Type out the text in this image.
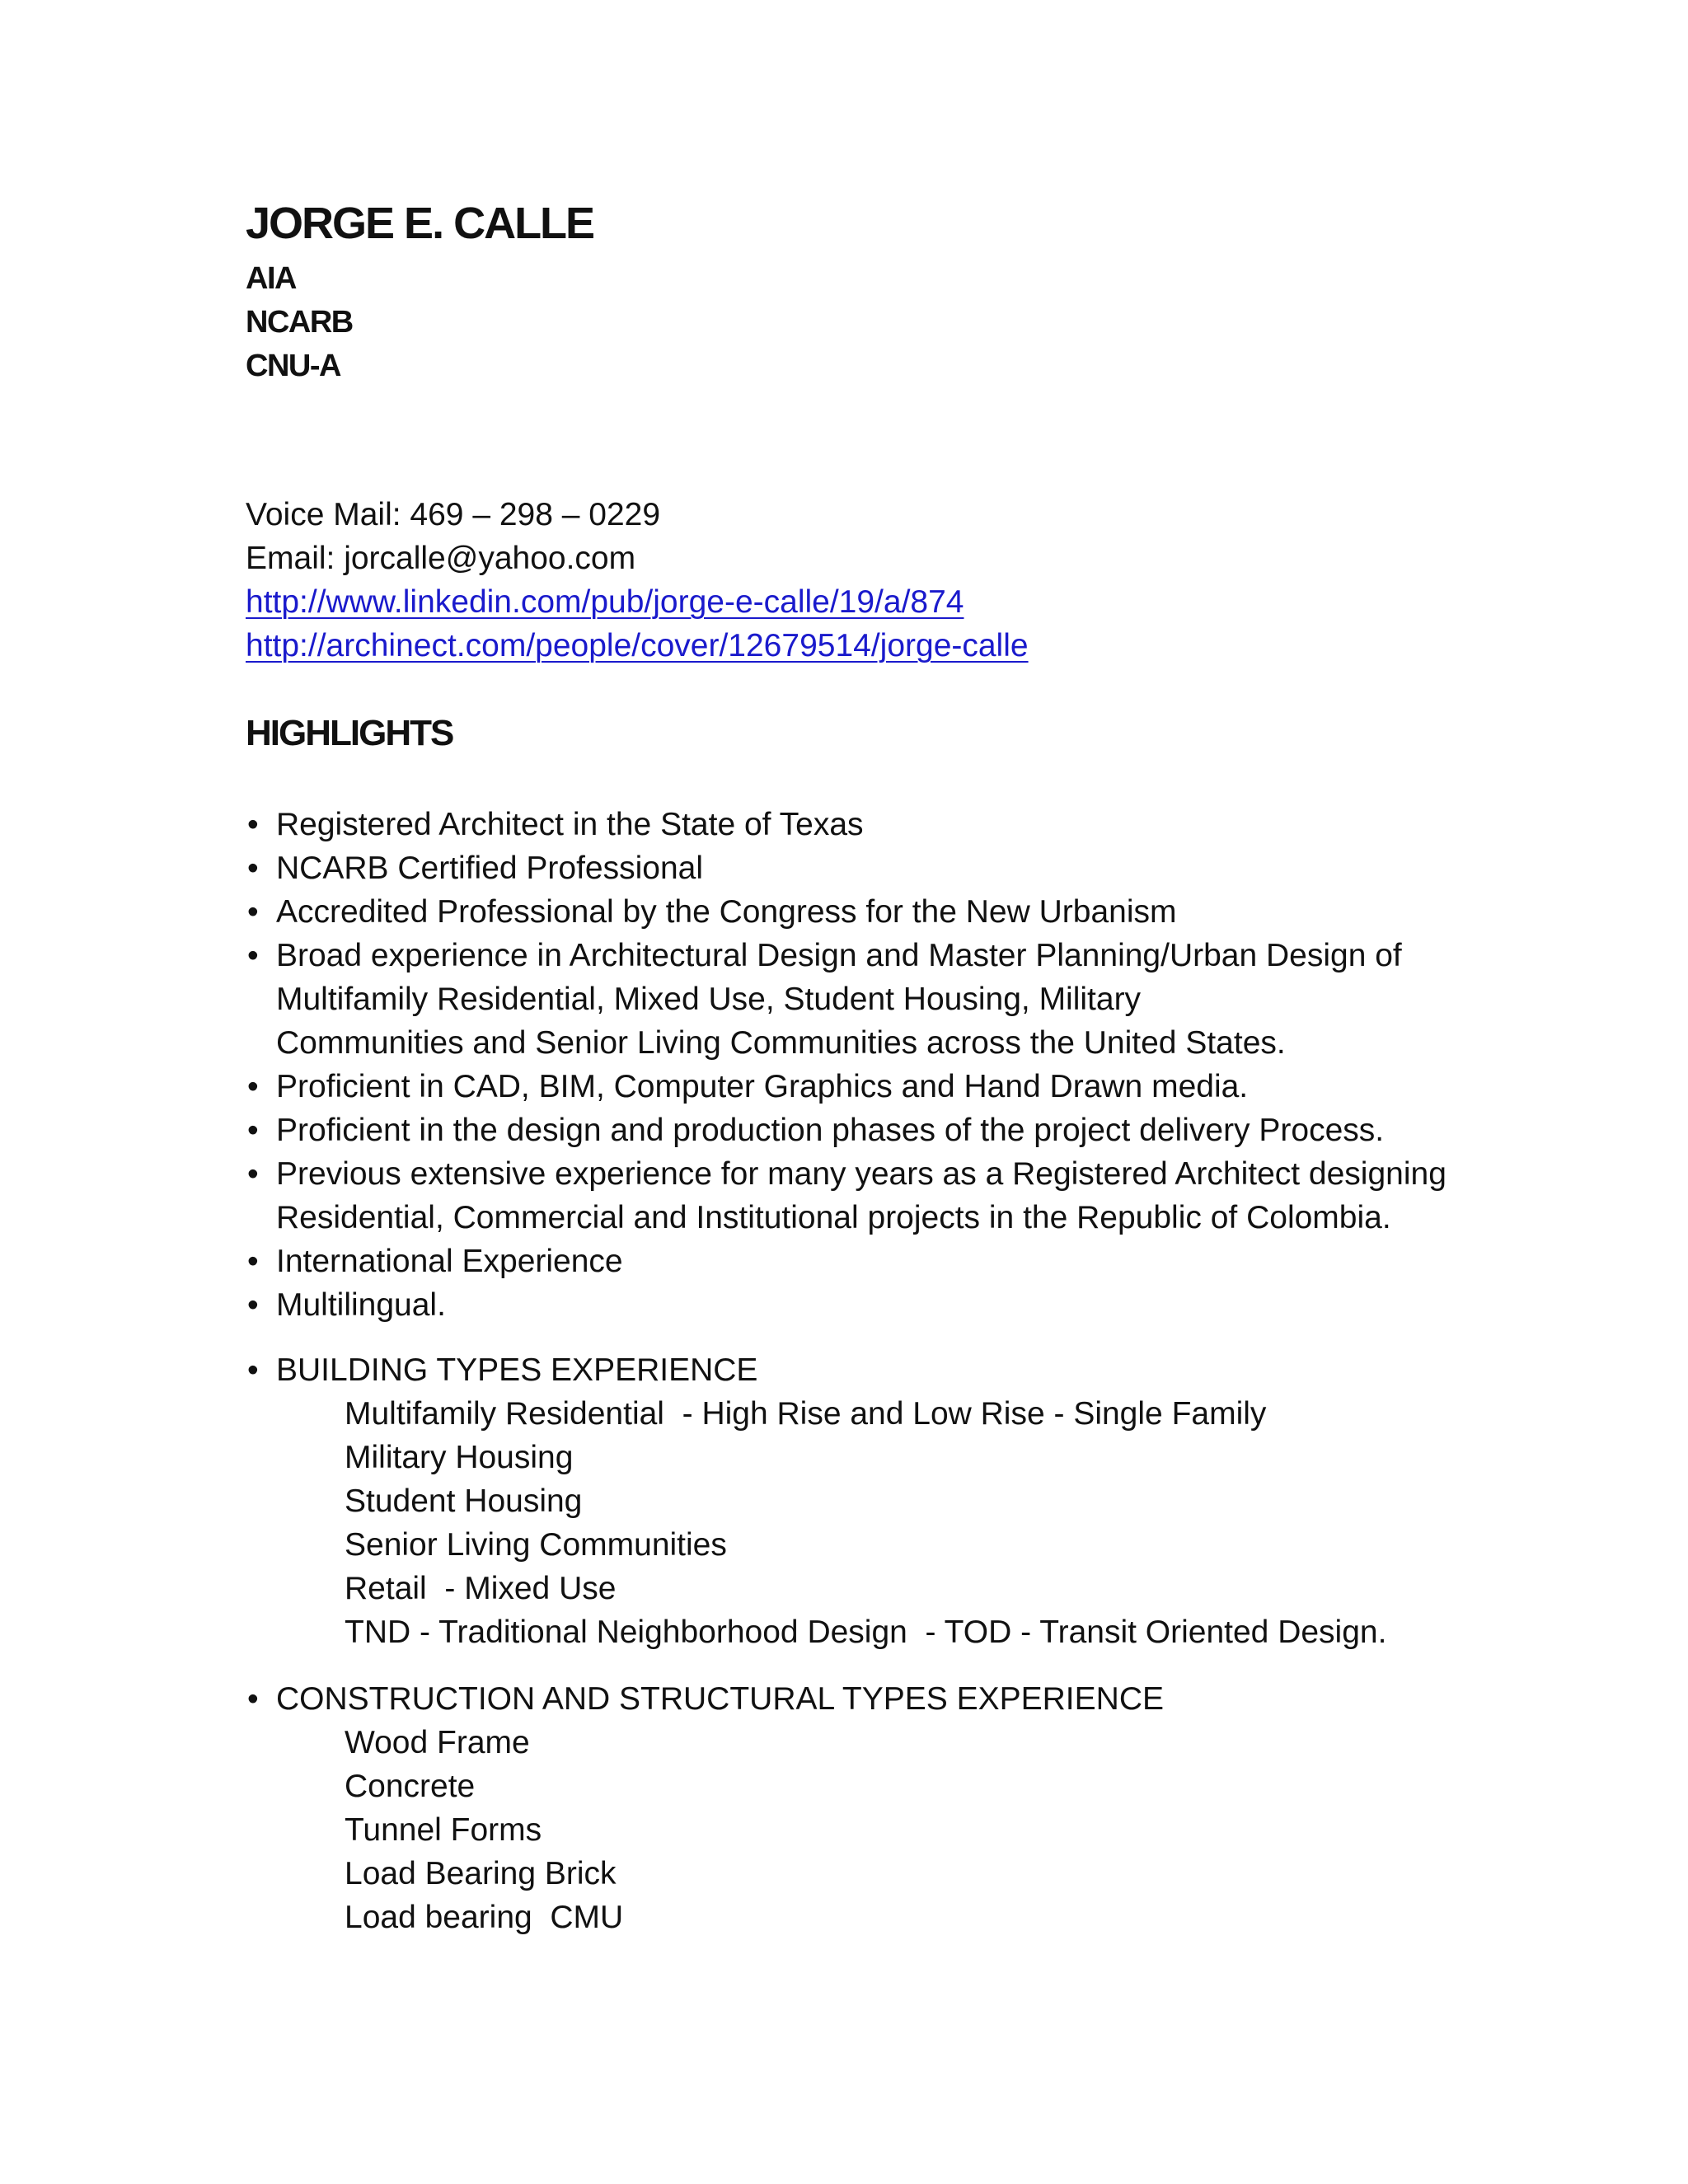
JORGE E. CALLE
AIA
NCARB
CNU-A
Voice Mail: 469 – 298 – 0229
Email: jorcalle@yahoo.com
http://www.linkedin.com/pub/jorge-e-calle/19/a/874
http://archinect.com/people/cover/12679514/jorge-calle
HIGHLIGHTS
• Registered Architect in the State of Texas
• NCARB Certified Professional
• Accredited Professional by the Congress for the New Urbanism
• Broad experience in Architectural Design and Master Planning/Urban Design of
Multifamily Residential, Mixed Use, Student Housing, Military
Communities and Senior Living Communities across the United States.
• Proficient in CAD, BIM, Computer Graphics and Hand Drawn media.
• Proficient in the design and production phases of the project delivery Process.
• Previous extensive experience for many years as a Registered Architect designing
Residential, Commercial and Institutional projects in the Republic of Colombia.
• International Experience
• Multilingual.
• BUILDING TYPES EXPERIENCE
Multifamily Residential  - High Rise and Low Rise - Single Family
Military Housing
Student Housing
Senior Living Communities
Retail  - Mixed Use
TND - Traditional Neighborhood Design  - TOD - Transit Oriented Design.
• CONSTRUCTION AND STRUCTURAL TYPES EXPERIENCE
Wood Frame
Concrete
Tunnel Forms
Load Bearing Brick
Load bearing  CMU
